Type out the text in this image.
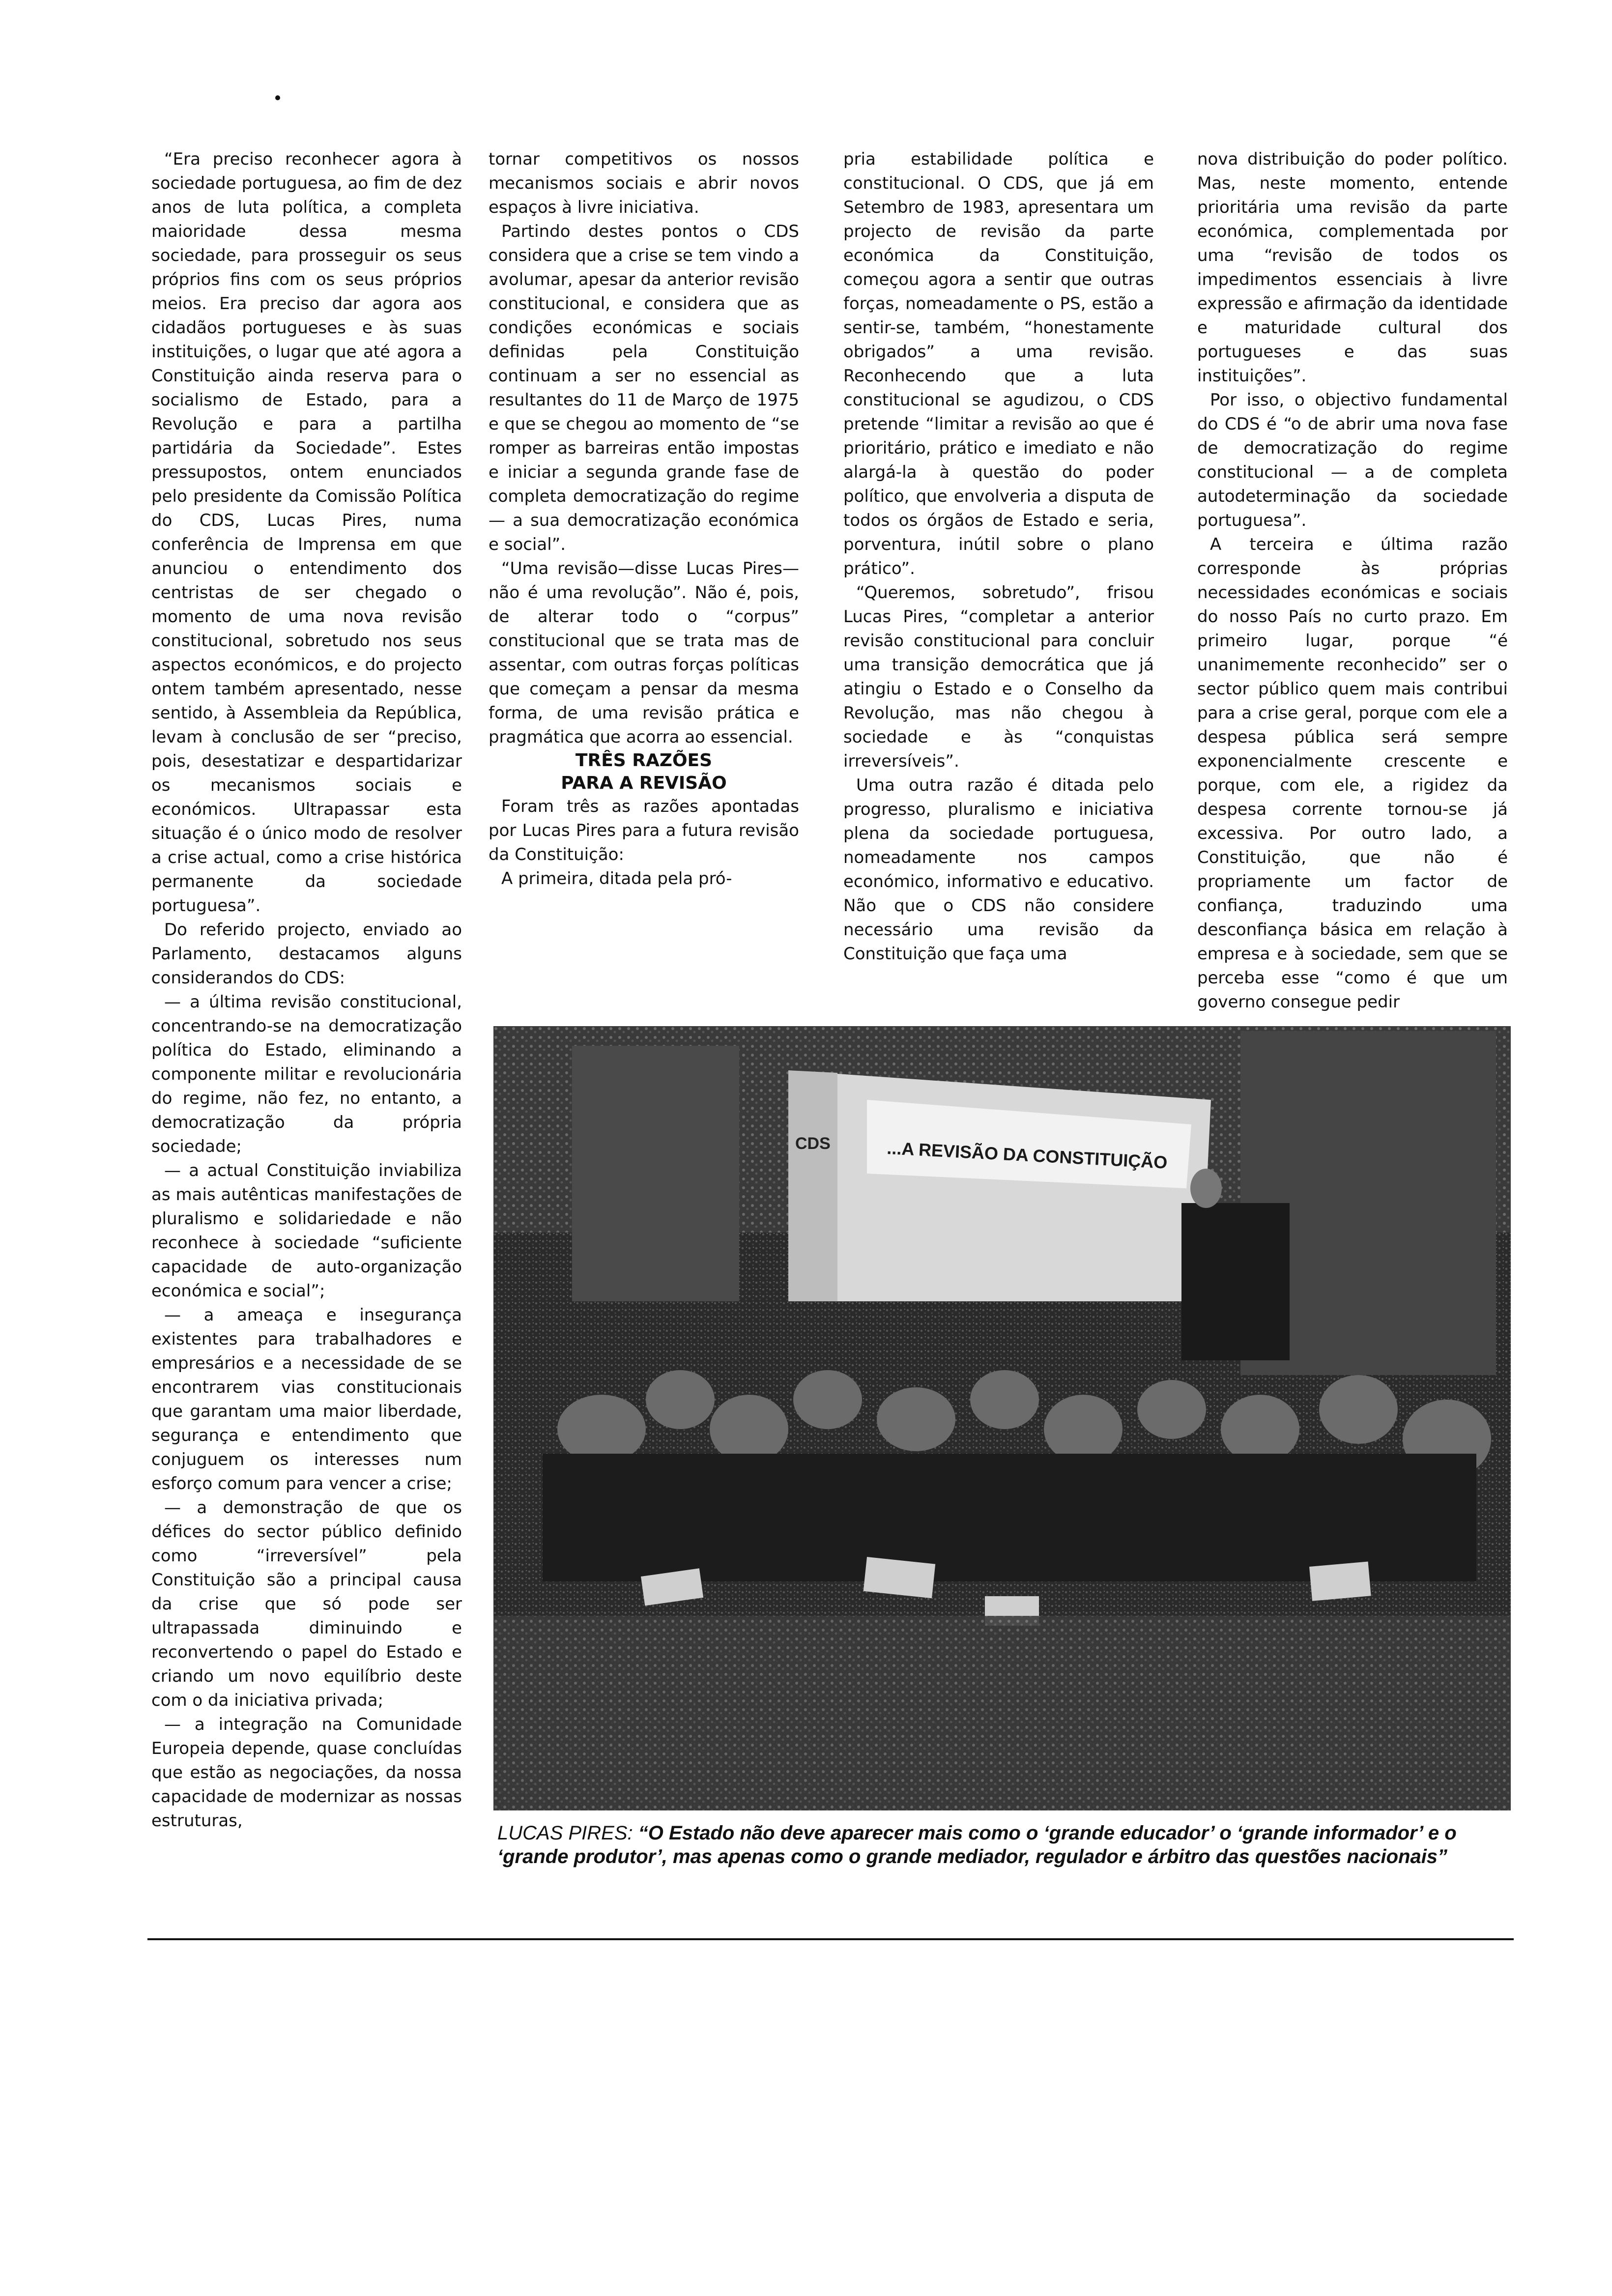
“Era preciso reconhecer agora à sociedade portuguesa, ao fim de dez anos de luta política, a completa maioridade dessa mesma sociedade, para prosseguir os seus próprios fins com os seus próprios meios. Era preciso dar agora aos cidadãos portugueses e às suas instituições, o lugar que até agora a Constituição ainda reserva para o socialismo de Estado, para a Revolução e para a partilha partidária da Sociedade”. Estes pressupostos, ontem enunciados pelo presidente da Comissão Política do CDS, Lucas Pires, numa conferência de Imprensa em que anunciou o entendimento dos centristas de ser chegado o momento de uma nova revisão constitucional, sobretudo nos seus aspectos económicos, e do projecto ontem também apresentado, nesse sentido, à Assembleia da República, levam à conclusão de ser “preciso, pois, desestatizar e despartidarizar os mecanismos sociais e económicos. Ultrapassar esta situação é o único modo de resolver a crise actual, como a crise histórica permanente da sociedade portuguesa”.

Do referido projecto, enviado ao Parlamento, destacamos alguns considerandos do CDS:

— a última revisão constitucional, concentrando-se na democratização política do Estado, eliminando a componente militar e revolucionária do regime, não fez, no entanto, a democratização da própria sociedade;

— a actual Constituição inviabiliza as mais autênticas manifestações de pluralismo e solidariedade e não reconhece à sociedade “suficiente capacidade de auto-organização económica e social”;

— a ameaça e insegurança existentes para trabalhadores e empresários e a necessidade de se encontrarem vias constitucionais que garantam uma maior liberdade, segurança e entendimento que conjuguem os interesses num esforço comum para vencer a crise;

— a demonstração de que os défices do sector público definido como “irreversível” pela Constituição são a principal causa da crise que só pode ser ultrapassada diminuindo e reconvertendo o papel do Estado e criando um novo equilíbrio deste com o da iniciativa privada;

— a integração na Comunidade Europeia depende, quase concluídas que estão as negociações, da nossa capacidade de modernizar as nossas estruturas,

tornar competitivos os nossos mecanismos sociais e abrir novos espaços à livre iniciativa.

Partindo destes pontos o CDS considera que a crise se tem vindo a avolumar, apesar da anterior revisão constitucional, e considera que as condições económicas e sociais definidas pela Constituição continuam a ser no essencial as resultantes do 11 de Março de 1975 e que se chegou ao momento de “se romper as barreiras então impostas e iniciar a segunda grande fase de completa democratização do regime — a sua democratização económica e social”.

“Uma revisão—disse Lucas Pires—não é uma revolução”. Não é, pois, de alterar todo o “corpus” constitucional que se trata mas de assentar, com outras forças políticas que começam a pensar da mesma forma, de uma revisão prática e pragmática que acorra ao essencial.

TRÊS RAZÕES
PARA A REVISÃO

Foram três as razões apontadas por Lucas Pires para a futura revisão da Constituição:

A primeira, ditada pela pró-

pria estabilidade política e constitucional. O CDS, que já em Setembro de 1983, apresentara um projecto de revisão da parte económica da Constituição, começou agora a sentir que outras forças, nomeadamente o PS, estão a sentir-se, também, “honestamente obrigados” a uma revisão. Reconhecendo que a luta constitucional se agudizou, o CDS pretende “limitar a revisão ao que é prioritário, prático e imediato e não alargá-la à questão do poder político, que envolveria a disputa de todos os órgãos de Estado e seria, porventura, inútil sobre o plano prático”.

“Queremos, sobretudo”, frisou Lucas Pires, “completar a anterior revisão constitucional para concluir uma transição democrática que já atingiu o Estado e o Conselho da Revolução, mas não chegou à sociedade e às “conquistas irreversíveis”.

Uma outra razão é ditada pelo progresso, pluralismo e iniciativa plena da sociedade portuguesa, nomeadamente nos campos económico, informativo e educativo. Não que o CDS não considere necessário uma revisão da Constituição que faça uma

nova distribuição do poder político. Mas, neste momento, entende prioritária uma revisão da parte económica, complementada por uma “revisão de todos os impedimentos essenciais à livre expressão e afirmação da identidade e maturidade cultural dos portugueses e das suas instituições”.

Por isso, o objectivo fundamental do CDS é “o de abrir uma nova fase de democratização do regime constitucional — a de completa autodeterminação da sociedade portuguesa”.

A terceira e última razão corresponde às próprias necessidades económicas e sociais do nosso País no curto prazo. Em primeiro lugar, porque “é unanimemente reconhecido” ser o sector público quem mais contribui para a crise geral, porque com ele a despesa pública será sempre exponencialmente crescente e porque, com ele, a rigidez da despesa corrente tornou-se já excessiva. Por outro lado, a Constituição, que não é propriamente um factor de confiança, traduzindo uma desconfiança básica em relação à empresa e à sociedade, sem que se perceba esse “como é que um governo consegue pedir

CDS	...A REVISÃO DA CONSTITUIÇÃO
LUCAS PIRES: “O Estado não deve aparecer mais como o ‘grande educador’ o ‘grande informador’ e o ‘grande produtor’, mas apenas como o grande mediador, regulador e árbitro das questões nacionais”
